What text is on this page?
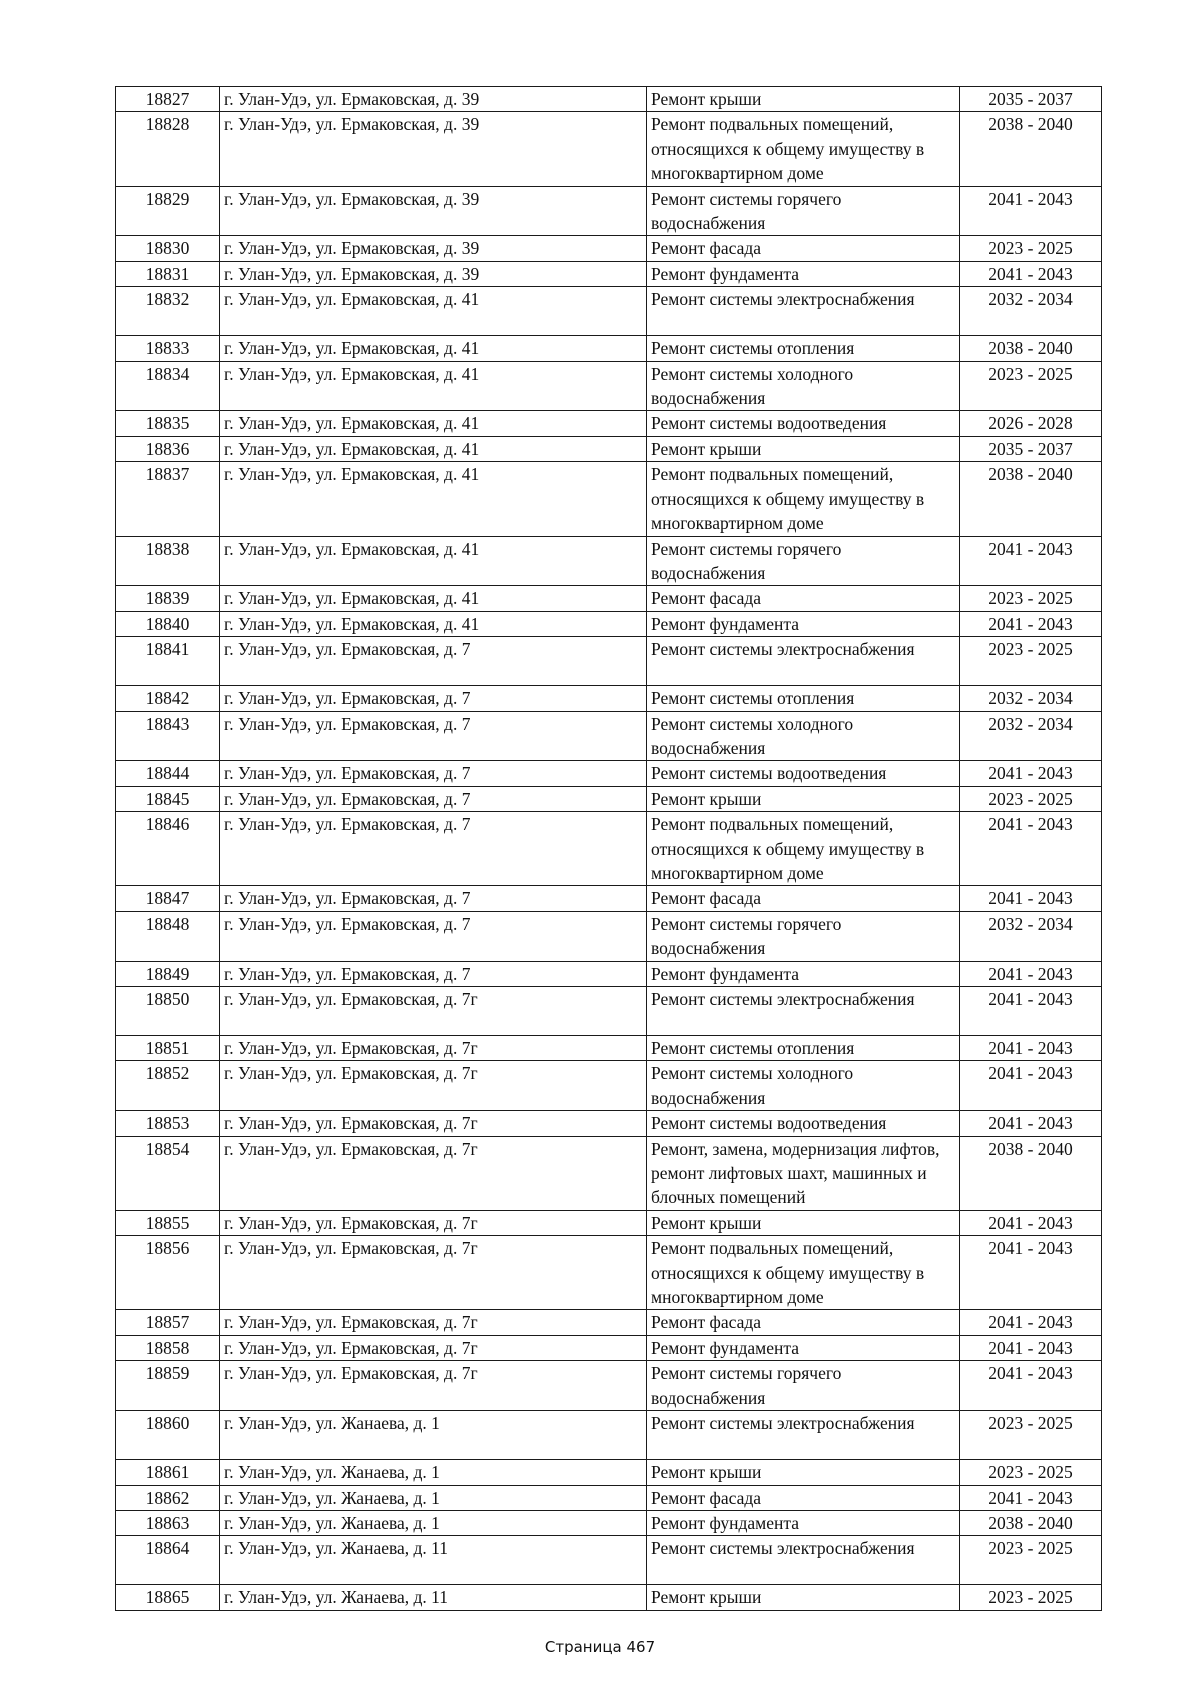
18827	г. Улан-Удэ, ул. Ермаковская, д. 39	Ремонт крыши	2035 - 2037
18828	г. Улан-Удэ, ул. Ермаковская, д. 39	Ремонт подвальных помещений, относящихся к общему имуществу в многоквартирном доме	2038 - 2040
18829	г. Улан-Удэ, ул. Ермаковская, д. 39	Ремонт системы горячего водоснабжения	2041 - 2043
18830	г. Улан-Удэ, ул. Ермаковская, д. 39	Ремонт фасада	2023 - 2025
18831	г. Улан-Удэ, ул. Ермаковская, д. 39	Ремонт фундамента	2041 - 2043
18832	г. Улан-Удэ, ул. Ермаковская, д. 41	Ремонт системы электроснабжения	2032 - 2034
18833	г. Улан-Удэ, ул. Ермаковская, д. 41	Ремонт системы отопления	2038 - 2040
18834	г. Улан-Удэ, ул. Ермаковская, д. 41	Ремонт системы холодного водоснабжения	2023 - 2025
18835	г. Улан-Удэ, ул. Ермаковская, д. 41	Ремонт системы водоотведения	2026 - 2028
18836	г. Улан-Удэ, ул. Ермаковская, д. 41	Ремонт крыши	2035 - 2037
18837	г. Улан-Удэ, ул. Ермаковская, д. 41	Ремонт подвальных помещений, относящихся к общему имуществу в многоквартирном доме	2038 - 2040
18838	г. Улан-Удэ, ул. Ермаковская, д. 41	Ремонт системы горячего водоснабжения	2041 - 2043
18839	г. Улан-Удэ, ул. Ермаковская, д. 41	Ремонт фасада	2023 - 2025
18840	г. Улан-Удэ, ул. Ермаковская, д. 41	Ремонт фундамента	2041 - 2043
18841	г. Улан-Удэ, ул. Ермаковская, д. 7	Ремонт системы электроснабжения	2023 - 2025
18842	г. Улан-Удэ, ул. Ермаковская, д. 7	Ремонт системы отопления	2032 - 2034
18843	г. Улан-Удэ, ул. Ермаковская, д. 7	Ремонт системы холодного водоснабжения	2032 - 2034
18844	г. Улан-Удэ, ул. Ермаковская, д. 7	Ремонт системы водоотведения	2041 - 2043
18845	г. Улан-Удэ, ул. Ермаковская, д. 7	Ремонт крыши	2023 - 2025
18846	г. Улан-Удэ, ул. Ермаковская, д. 7	Ремонт подвальных помещений, относящихся к общему имуществу в многоквартирном доме	2041 - 2043
18847	г. Улан-Удэ, ул. Ермаковская, д. 7	Ремонт фасада	2041 - 2043
18848	г. Улан-Удэ, ул. Ермаковская, д. 7	Ремонт системы горячего водоснабжения	2032 - 2034
18849	г. Улан-Удэ, ул. Ермаковская, д. 7	Ремонт фундамента	2041 - 2043
18850	г. Улан-Удэ, ул. Ермаковская, д. 7г	Ремонт системы электроснабжения	2041 - 2043
18851	г. Улан-Удэ, ул. Ермаковская, д. 7г	Ремонт системы отопления	2041 - 2043
18852	г. Улан-Удэ, ул. Ермаковская, д. 7г	Ремонт системы холодного водоснабжения	2041 - 2043
18853	г. Улан-Удэ, ул. Ермаковская, д. 7г	Ремонт системы водоотведения	2041 - 2043
18854	г. Улан-Удэ, ул. Ермаковская, д. 7г	Ремонт, замена, модернизация лифтов, ремонт лифтовых шахт, машинных и блочных помещений	2038 - 2040
18855	г. Улан-Удэ, ул. Ермаковская, д. 7г	Ремонт крыши	2041 - 2043
18856	г. Улан-Удэ, ул. Ермаковская, д. 7г	Ремонт подвальных помещений, относящихся к общему имуществу в многоквартирном доме	2041 - 2043
18857	г. Улан-Удэ, ул. Ермаковская, д. 7г	Ремонт фасада	2041 - 2043
18858	г. Улан-Удэ, ул. Ермаковская, д. 7г	Ремонт фундамента	2041 - 2043
18859	г. Улан-Удэ, ул. Ермаковская, д. 7г	Ремонт системы горячего водоснабжения	2041 - 2043
18860	г. Улан-Удэ, ул. Жанаева, д. 1	Ремонт системы электроснабжения	2023 - 2025
18861	г. Улан-Удэ, ул. Жанаева, д. 1	Ремонт крыши	2023 - 2025
18862	г. Улан-Удэ, ул. Жанаева, д. 1	Ремонт фасада	2041 - 2043
18863	г. Улан-Удэ, ул. Жанаева, д. 1	Ремонт фундамента	2038 - 2040
18864	г. Улан-Удэ, ул. Жанаева, д. 11	Ремонт системы электроснабжения	2023 - 2025
18865	г. Улан-Удэ, ул. Жанаева, д. 11	Ремонт крыши	2023 - 2025
Страница 467
